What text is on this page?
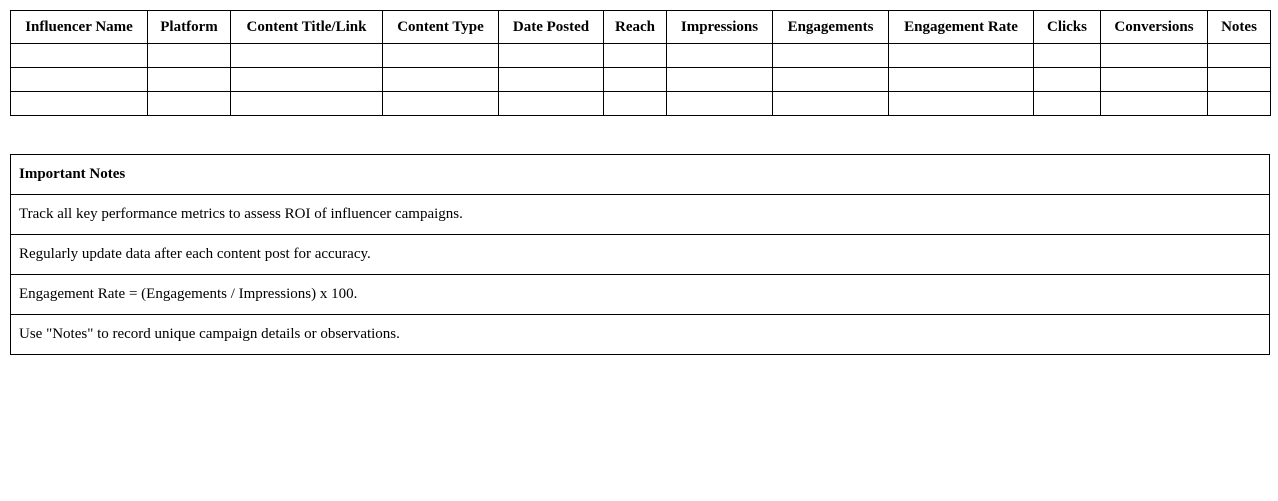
Influencer Name	Platform	Content Title/Link	Content Type	Date Posted	Reach	Impressions	Engagements	Engagement Rate	Clicks	Conversions	Notes

Important Notes
Track all key performance metrics to assess ROI of influencer campaigns.
Regularly update data after each content post for accuracy.
Engagement Rate = (Engagements / Impressions) x 100.
Use "Notes" to record unique campaign details or observations.
